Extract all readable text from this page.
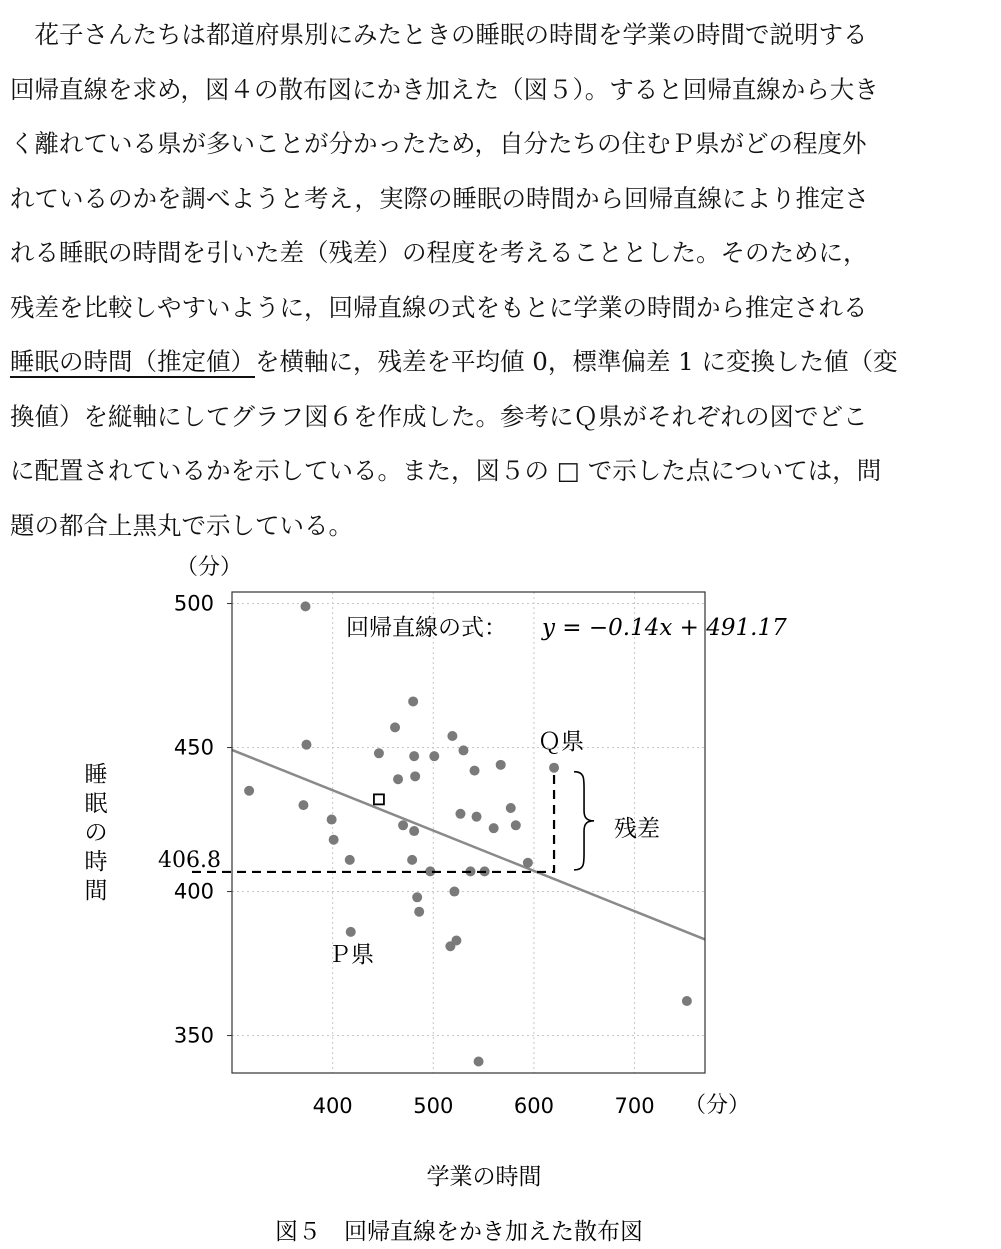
　花子さんたちは都道府県別にみたときの睡眠の時間を学業の時間で説明する

回帰直線を求め，図４の散布図にかき加えた（図５）。すると回帰直線から大き

く離れている県が多いことが分かったため，自分たちの住むＰ県がどの程度外

れているのかを調べようと考え，実際の睡眠の時間から回帰直線により推定さ

れる睡眠の時間を引いた差（残差）の程度を考えることとした。そのために，

残差を比較しやすいように，回帰直線の式をもとに学業の時間から推定される

睡眠の時間（推定値）を横軸に，残差を平均値 0，標準偏差 1 に変換した値（変

換値）を縦軸にしてグラフ図６を作成した。参考にＱ県がそれぞれの図でどこ

に配置されているかを示している。また，図５の □ で示した点については，問

題の都合上黒丸で示している。

400	500	600	700
350
400
450
500
（分）
（分）
回帰直線の式： y = −0.14x + 491.17
Ｑ県
Ｐ県
残差
406.8
睡眠の時間
学業の時間
図５　回帰直線をかき加えた散布図
